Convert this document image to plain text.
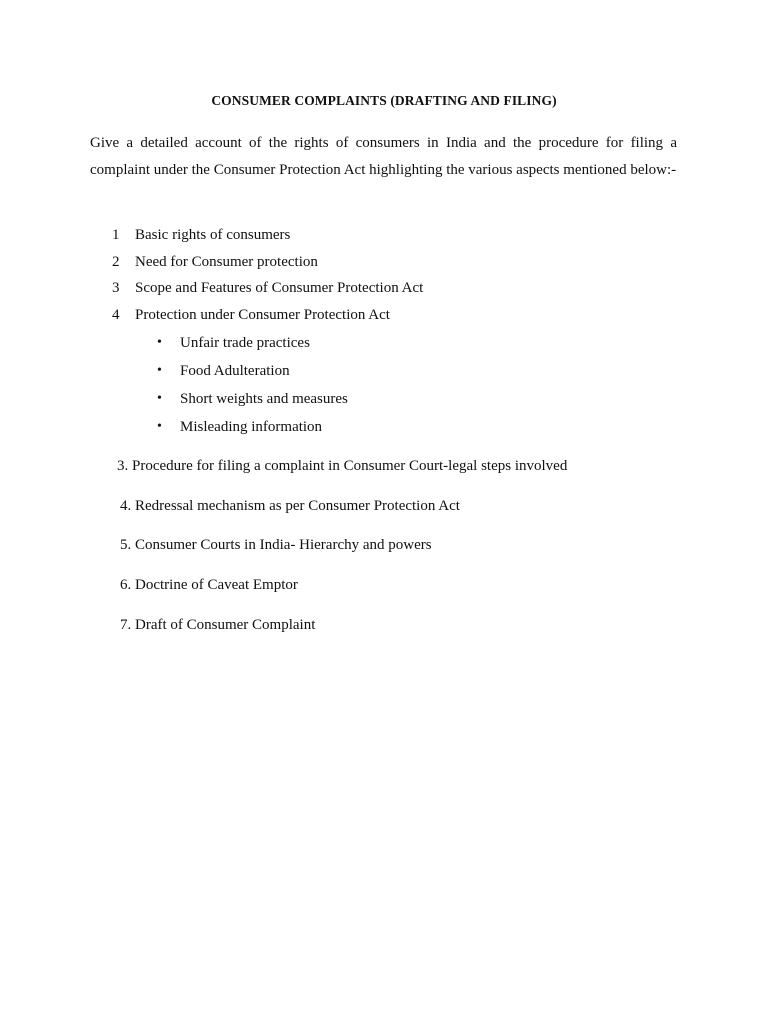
CONSUMER COMPLAINTS (DRAFTING AND FILING)
Give a detailed account of the rights of consumers in India and the procedure for filing a complaint under the Consumer Protection Act highlighting the various aspects mentioned below:-
1	Basic rights of consumers
2	Need for Consumer protection
3	Scope and Features of Consumer Protection Act
4	Protection under Consumer Protection Act
•	Unfair trade practices
•	Food Adulteration
•	Short weights and measures
•	Misleading information
3. Procedure for filing a complaint in Consumer Court-legal steps involved
4. Redressal mechanism as per Consumer Protection Act
5. Consumer Courts in India- Hierarchy and powers
6. Doctrine of Caveat Emptor
7. Draft of Consumer Complaint
